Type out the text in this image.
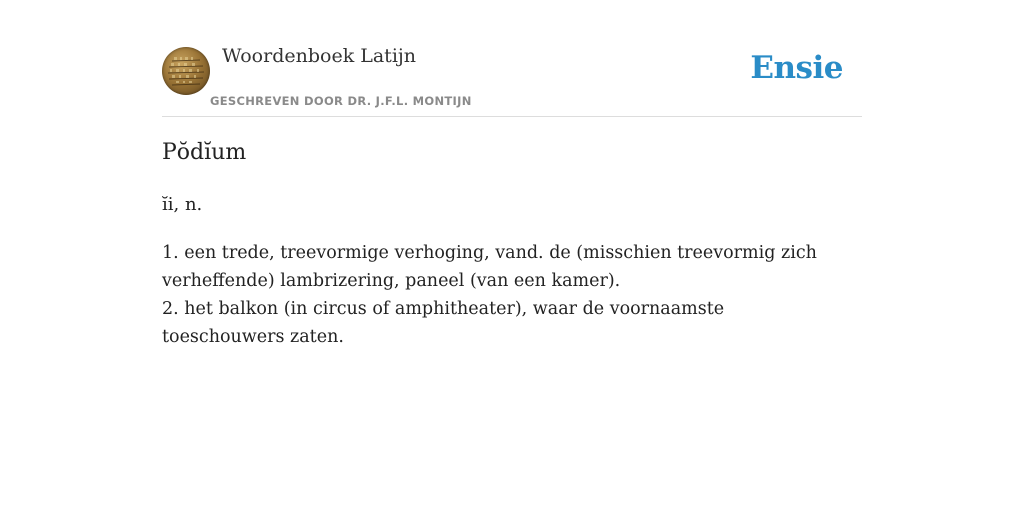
Woordenboek Latijn
GESCHREVEN DOOR DR. J.F.L. MONTIJN
Ensie
Pŏdĭum
ĭi, n.
1. een trede, treevormige verhoging, vand. de (misschien treevormig zich verheffende) lambrizering, paneel (van een kamer).
2. het balkon (in circus of amphitheater), waar de voornaamste toeschouwers zaten.
